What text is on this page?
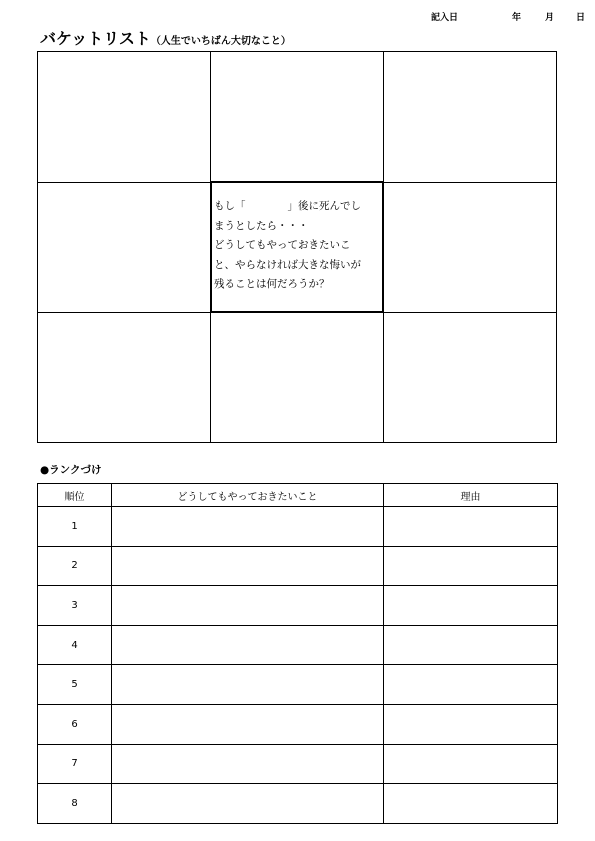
記入日	年	月 日
バケットリスト（人生でいちばん大切なこと）
もし「　　　　」後に死んでし
まうとしたら・・・
どうしてもやっておきたいこ
と、やらなければ大きな悔いが
残ることは何だろうか？
●ランクづけ
順位	どうしてもやっておきたいこと	理由
1		
2		
3		
4		
5		
6		
7		
8		
